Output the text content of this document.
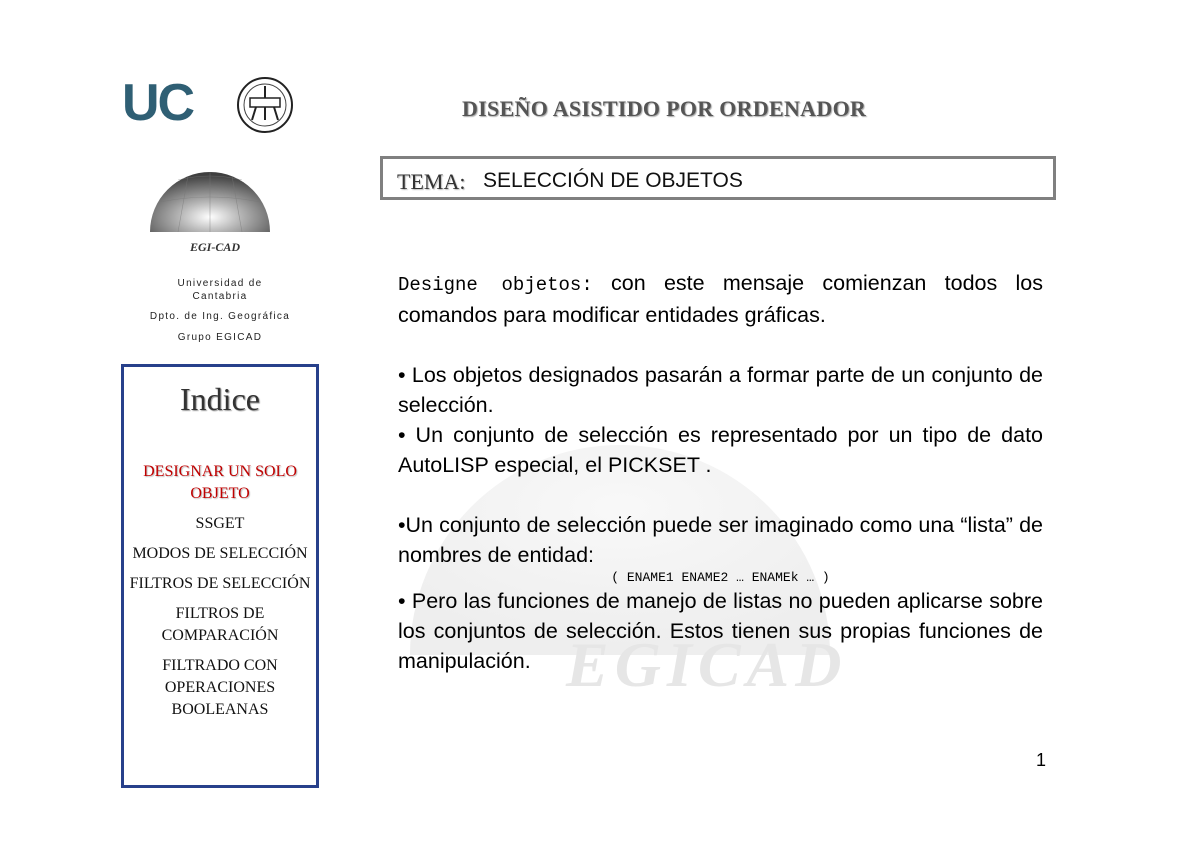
EGICAD
UC
EGI-CAD
Universidad de
Cantabria
Dpto. de Ing. Geográfica
Grupo EGICAD
DISEÑO ASISTIDO POR ORDENADOR
TEMA: SELECCIÓN DE OBJETOS
Indice
DESIGNAR UN SOLO OBJETO
SSGET
MODOS DE SELECCIÓN
FILTROS DE SELECCIÓN
FILTROS DE COMPARACIÓN
FILTRADO CON OPERACIONES BOOLEANAS

Designe objetos: con este mensaje comienzan todos los comandos para modificar entidades gráficas.

• Los objetos designados pasarán a formar parte de un conjunto de selección.

• Un conjunto de selección es representado por un tipo de dato AutoLISP especial, el PICKSET .

•Un conjunto de selección puede ser imaginado como una “lista” de nombres de entidad:

( ENAME1 ENAME2 … ENAMEk … )

• Pero las funciones de manejo de listas no pueden aplicarse sobre los conjuntos de selección. Estos tienen sus propias funciones de manipulación.

1
